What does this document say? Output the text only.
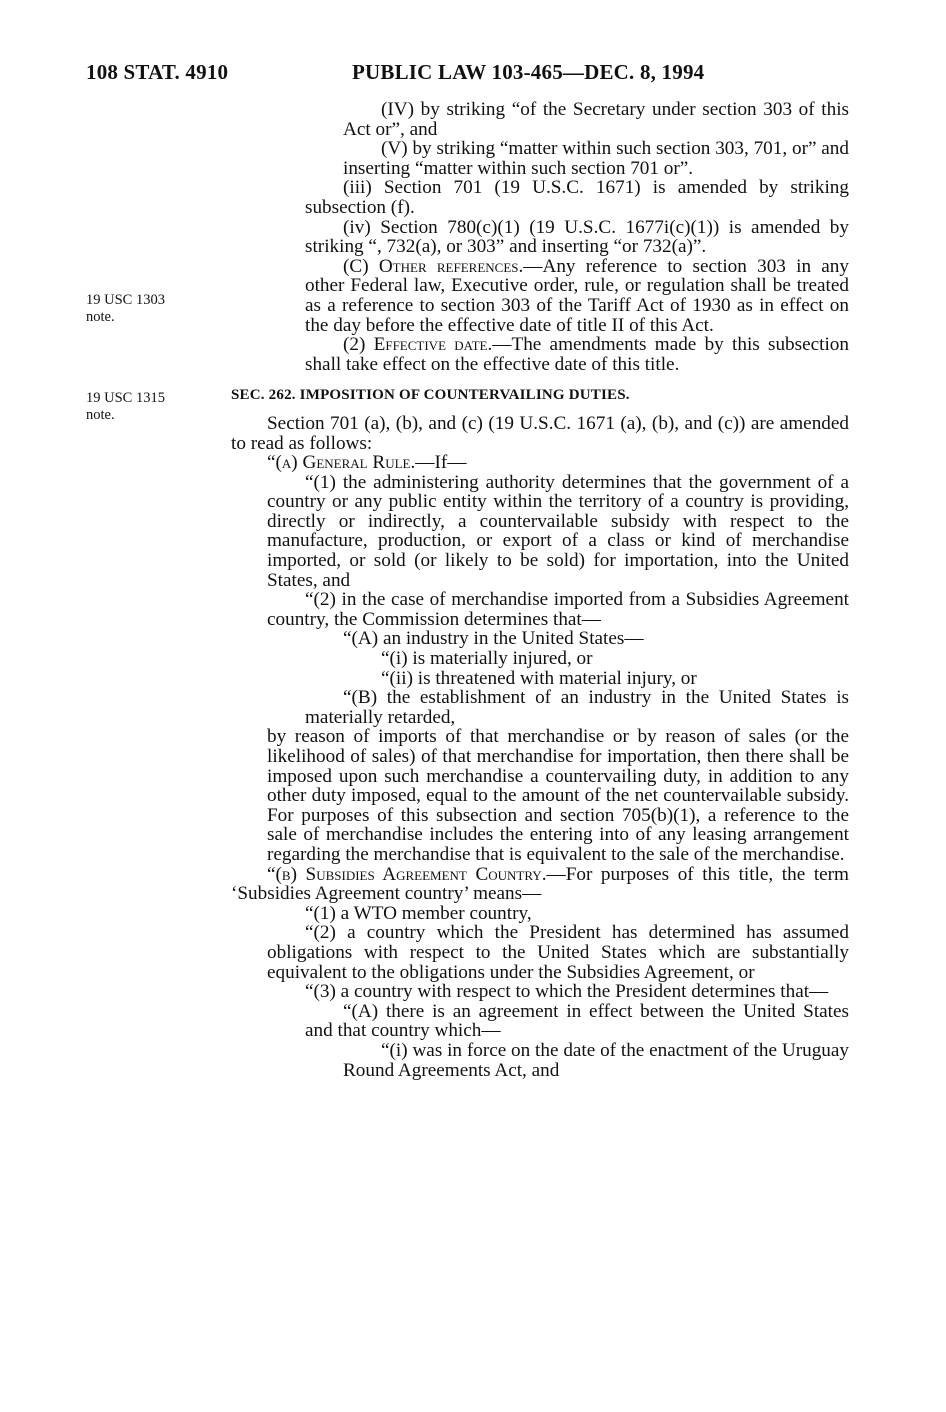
108 STAT. 4910	PUBLIC LAW 103-465—DEC. 8, 1994
19 USC 1303
note.
19 USC 1315
note.

(IV) by striking “of the Secretary under section 303 of this Act or”, and

(V) by striking “matter within such section 303, 701, or” and inserting “matter within such section 701 or”.

(iii) Section 701 (19 U.S.C. 1671) is amended by striking subsection (f).

(iv) Section 780(c)(1) (19 U.S.C. 1677i(c)(1)) is amended by striking “, 732(a), or 303” and inserting “or 732(a)”.

(C) Other references.—Any reference to section 303 in any other Federal law, Executive order, rule, or regulation shall be treated as a reference to section 303 of the Tariff Act of 1930 as in effect on the day before the effective date of title II of this Act.

(2) Effective date.—The amendments made by this subsection shall take effect on the effective date of this title.

SEC. 262. IMPOSITION OF COUNTERVAILING DUTIES.

Section 701 (a), (b), and (c) (19 U.S.C. 1671 (a), (b), and (c)) are amended to read as follows:

“(a) General Rule.—If—

“(1) the administering authority determines that the government of a country or any public entity within the territory of a country is providing, directly or indirectly, a countervailable subsidy with respect to the manufacture, production, or export of a class or kind of merchandise imported, or sold (or likely to be sold) for importation, into the United States, and

“(2) in the case of merchandise imported from a Subsidies Agreement country, the Commission determines that—

“(A) an industry in the United States—

“(i) is materially injured, or

“(ii) is threatened with material injury, or

“(B) the establishment of an industry in the United States is materially retarded,

by reason of imports of that merchandise or by reason of sales (or the likelihood of sales) of that merchandise for importation, then there shall be imposed upon such merchandise a countervailing duty, in addition to any other duty imposed, equal to the amount of the net countervailable subsidy. For purposes of this subsection and section 705(b)(1), a reference to the sale of merchandise includes the entering into of any leasing arrangement regarding the merchandise that is equivalent to the sale of the merchandise.

“(b) Subsidies Agreement Country.—For purposes of this title, the term ‘Subsidies Agreement country’ means—

“(1) a WTO member country,

“(2) a country which the President has determined has assumed obligations with respect to the United States which are substantially equivalent to the obligations under the Subsidies Agreement, or

“(3) a country with respect to which the President determines that—

“(A) there is an agreement in effect between the United States and that country which—

“(i) was in force on the date of the enactment of the Uruguay Round Agreements Act, and
